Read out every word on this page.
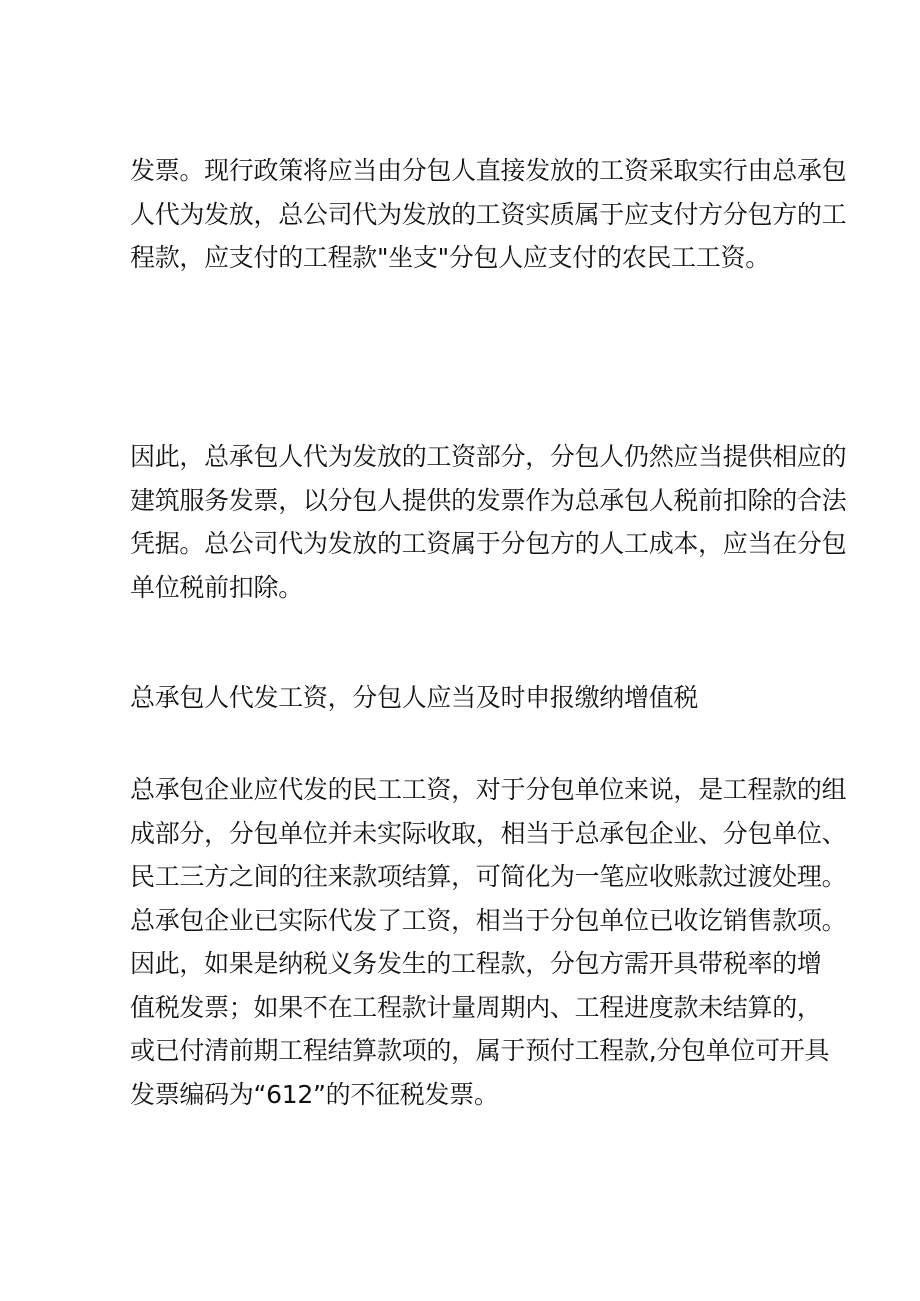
发票。现行政策将应当由分包人直接发放的工资采取实行由总承包
人代为发放，总公司代为发放的工资实质属于应支付方分包方的工
程款，应支付的工程款"坐支"分包人应支付的农民工工资。

因此，总承包人代为发放的工资部分，分包人仍然应当提供相应的
建筑服务发票，以分包人提供的发票作为总承包人税前扣除的合法
凭据。总公司代为发放的工资属于分包方的人工成本，应当在分包
单位税前扣除。

总承包人代发工资，分包人应当及时申报缴纳增值税

总承包企业应代发的民工工资，对于分包单位来说，是工程款的组
成部分，分包单位并未实际收取，相当于总承包企业、分包单位、
民工三方之间的往来款项结算，可简化为一笔应收账款过渡处理。
总承包企业已实际代发了工资，相当于分包单位已收讫销售款项。
因此，如果是纳税义务发生的工程款，分包方需开具带税率的增
值税发票；如果不在工程款计量周期内、工程进度款未结算的，
或已付清前期工程结算款项的，属于预付工程款,分包单位可开具
发票编码为“612”的不征税发票。
